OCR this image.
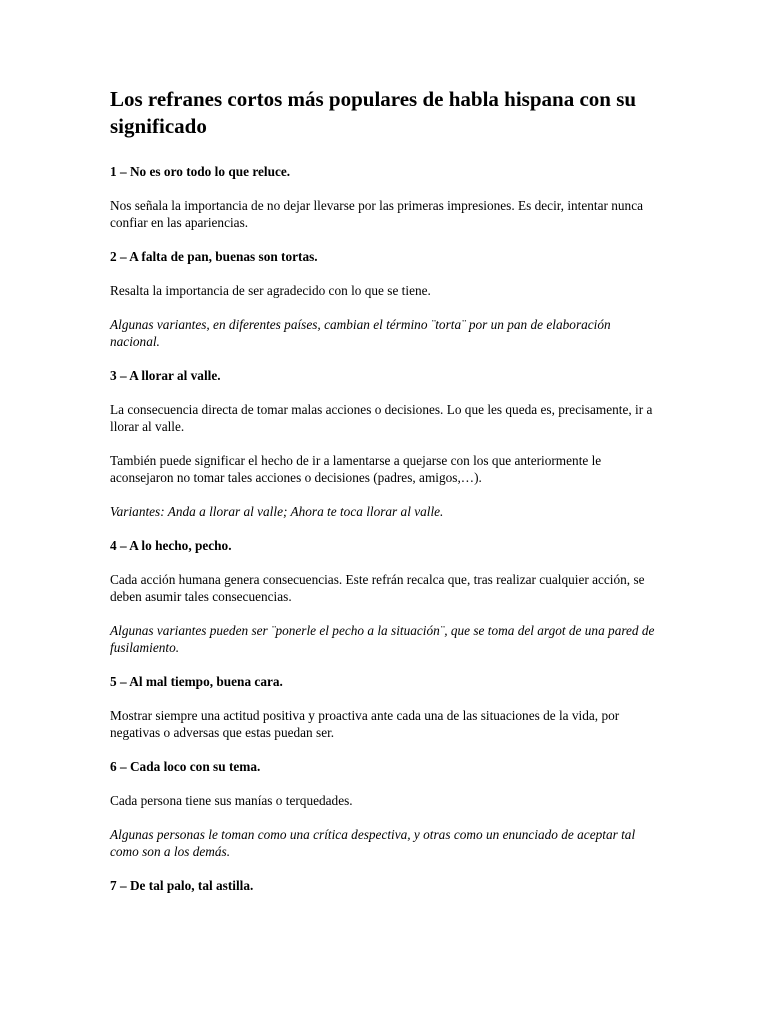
Los refranes cortos más populares de habla hispana con su significado
1 – No es oro todo lo que reluce.

Nos señala la importancia de no dejar llevarse por las primeras impresiones. Es decir, intentar nunca confiar en las apariencias.

2 – A falta de pan, buenas son tortas.

Resalta la importancia de ser agradecido con lo que se tiene.

Algunas variantes, en diferentes países, cambian el término ¨torta¨ por un pan de elaboración nacional.

3 – A llorar al valle.

La consecuencia directa de tomar malas acciones o decisiones. Lo que les queda es, precisamente, ir a llorar al valle.

También puede significar el hecho de ir a lamentarse a quejarse con los que anteriormente le aconsejaron no tomar tales acciones o decisiones (padres, amigos,…).

Variantes: Anda a llorar al valle; Ahora te toca llorar al valle.

4 – A lo hecho, pecho.

Cada acción humana genera consecuencias. Este refrán recalca que, tras realizar cualquier acción, se deben asumir tales consecuencias.

Algunas variantes pueden ser ¨ponerle el pecho a la situación¨, que se toma del argot de una pared de fusilamiento.

5 – Al mal tiempo, buena cara.

Mostrar siempre una actitud positiva y proactiva ante cada una de las situaciones de la vida, por negativas o adversas que estas puedan ser.

6 – Cada loco con su tema.

Cada persona tiene sus manías o terquedades.

Algunas personas le toman como una crítica despectiva, y otras como un enunciado de aceptar tal como son a los demás.

7 – De tal palo, tal astilla.
